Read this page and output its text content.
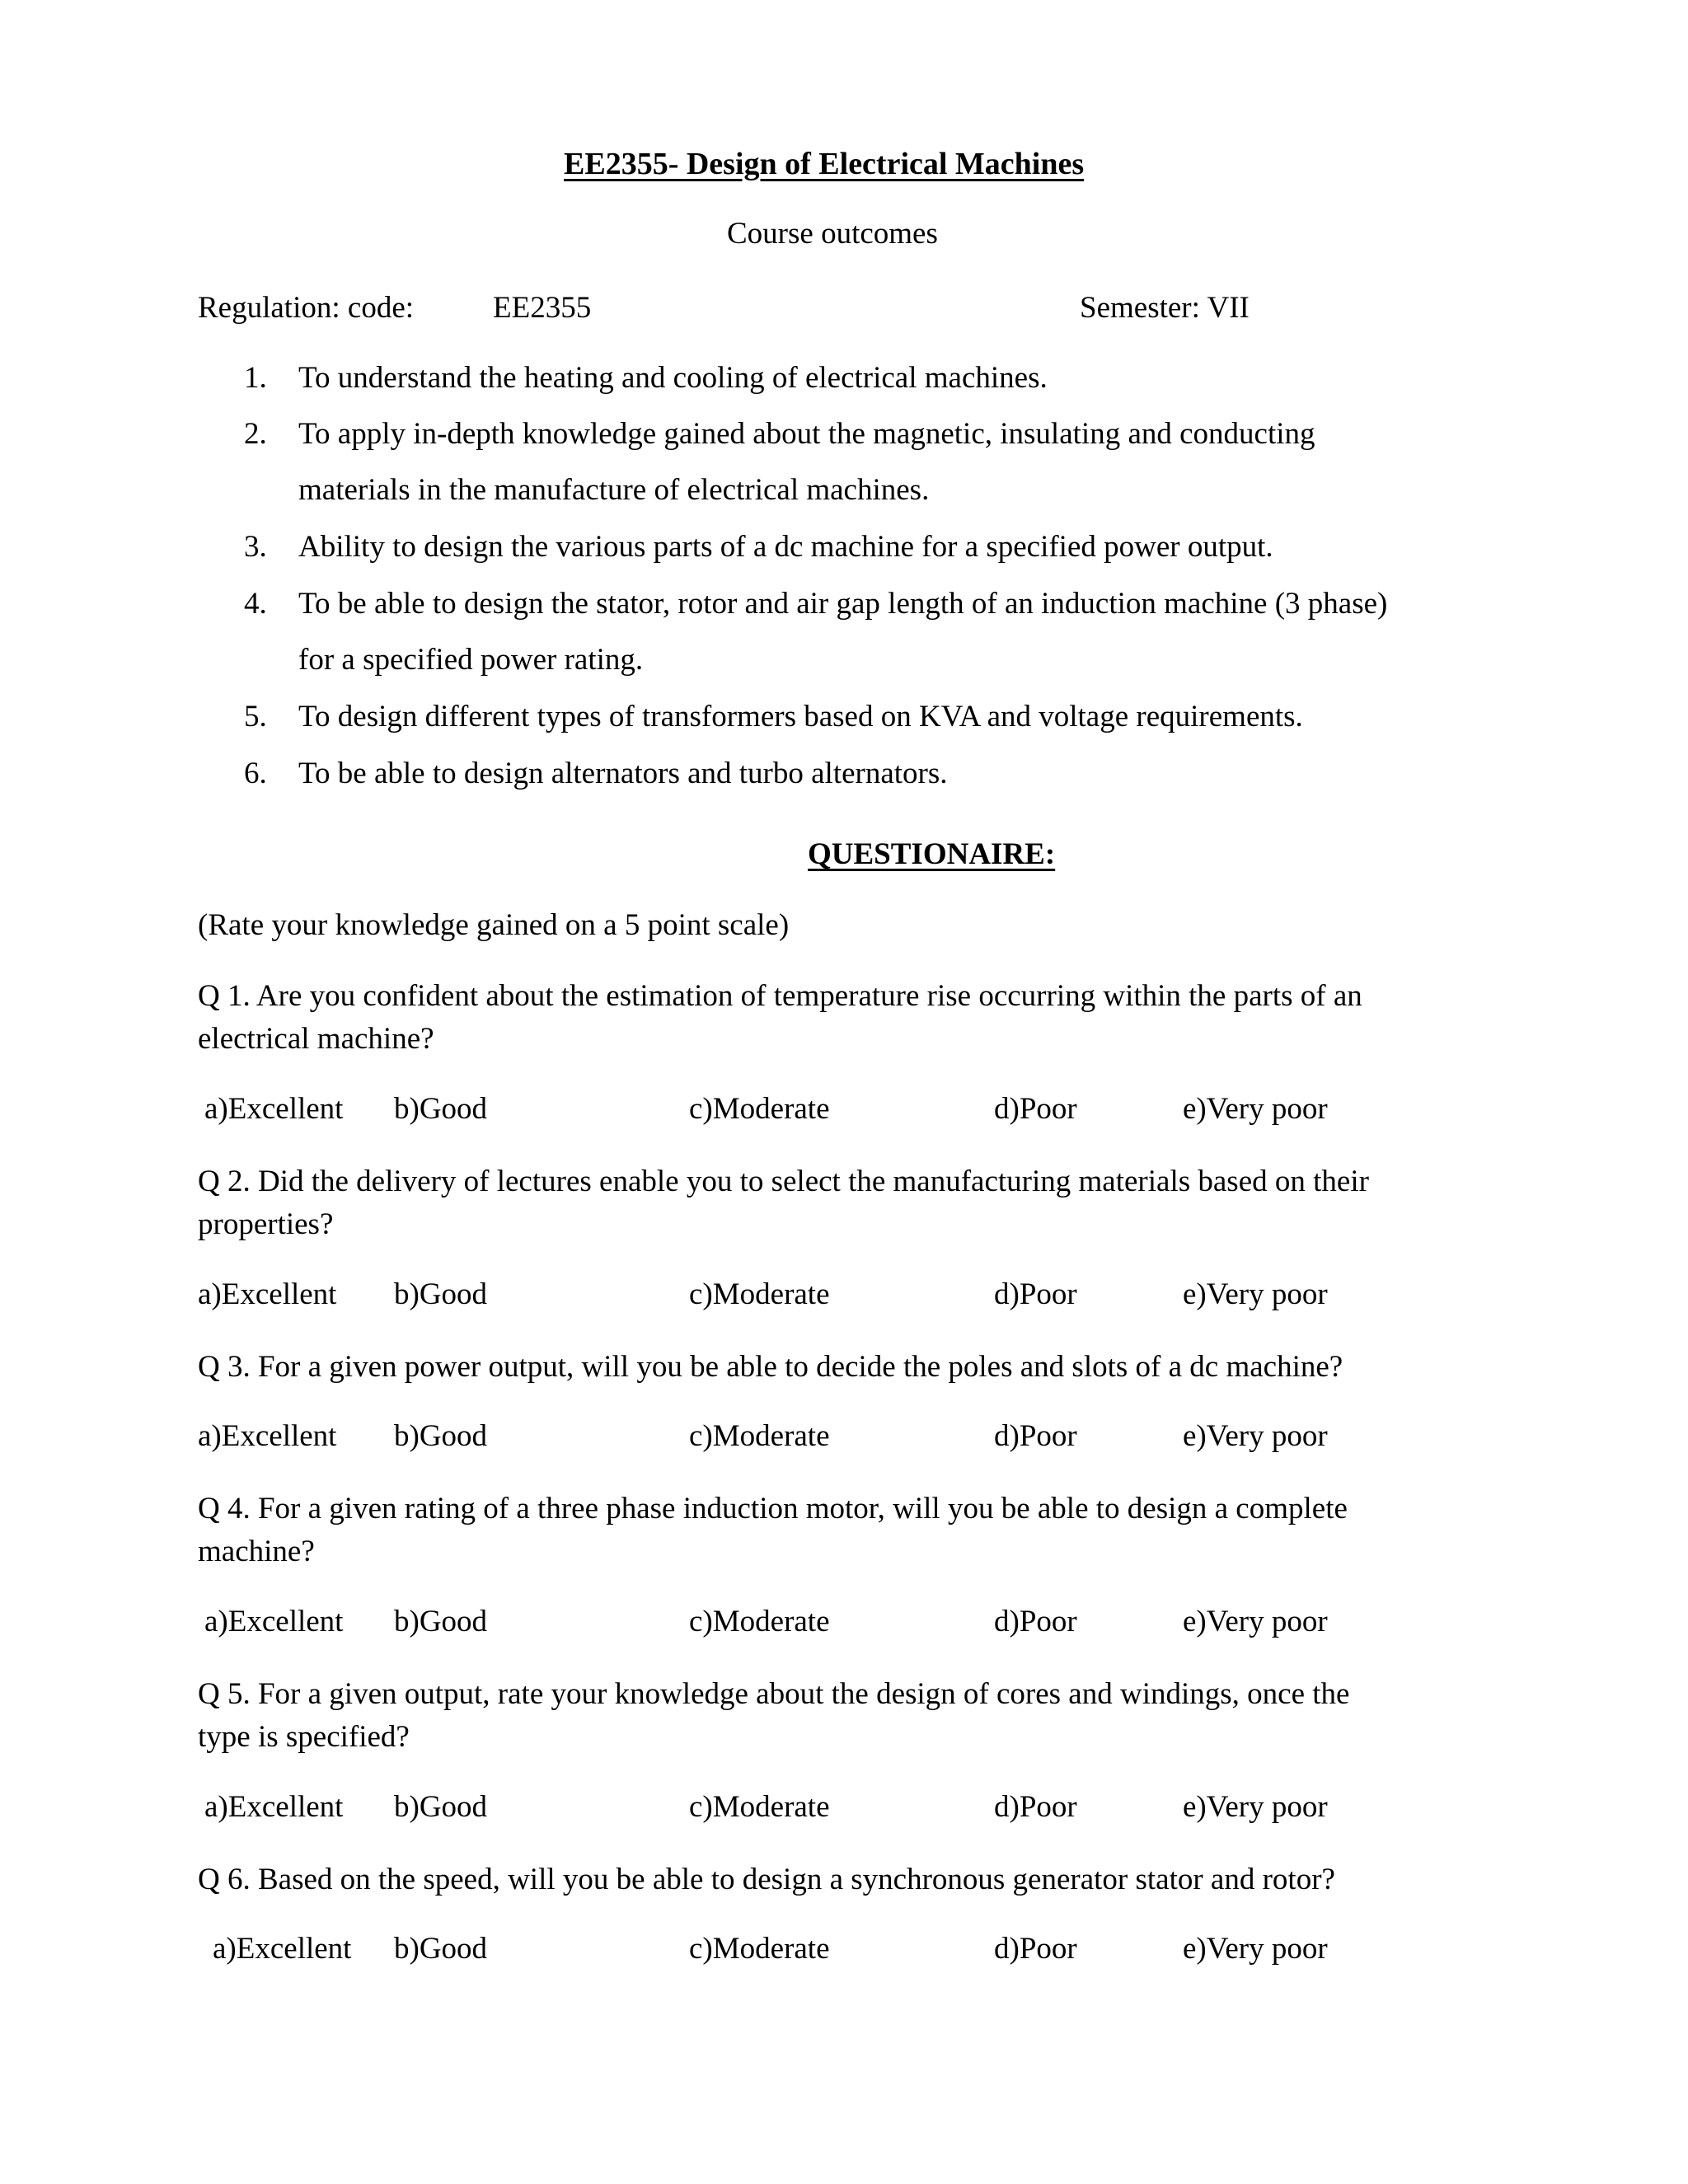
EE2355- Design of Electrical Machines
Course outcomes
Regulation: code:	EE2355	Semester: VII
1. To understand the heating and cooling of electrical machines.
2. To apply in-depth knowledge gained about the magnetic, insulating and conducting
materials in the manufacture of electrical machines.
3. Ability to design the various parts of a dc machine for a specified power output.
4. To be able to design the stator, rotor and air gap length of an induction machine (3 phase)
for a specified power rating.
5. To design different types of transformers based on KVA and voltage requirements.
6. To be able to design alternators and turbo alternators.
QUESTIONAIRE:
(Rate your knowledge gained on a 5 point scale)
Q 1. Are you confident about the estimation of temperature rise occurring within the parts of an
electrical machine?
a)Excellent b)Good	c)Moderate	d)Poor	e)Very poor
Q 2. Did the delivery of lectures enable you to select the manufacturing materials based on their
properties?
a)Excellent b)Good	c)Moderate	d)Poor	e)Very poor
Q 3. For a given power output, will you be able to decide the poles and slots of a dc machine?
a)Excellent b)Good	c)Moderate	d)Poor	e)Very poor
Q 4. For a given rating of a three phase induction motor, will you be able to design a complete
machine?
a)Excellent b)Good	c)Moderate	d)Poor	e)Very poor
Q 5. For a given output, rate your knowledge about the design of cores and windings, once the
type is specified?
a)Excellent b)Good	c)Moderate	d)Poor	e)Very poor
Q 6. Based on the speed, will you be able to design a synchronous generator stator and rotor?
a)Excellent b)Good	c)Moderate	d)Poor	e)Very poor
